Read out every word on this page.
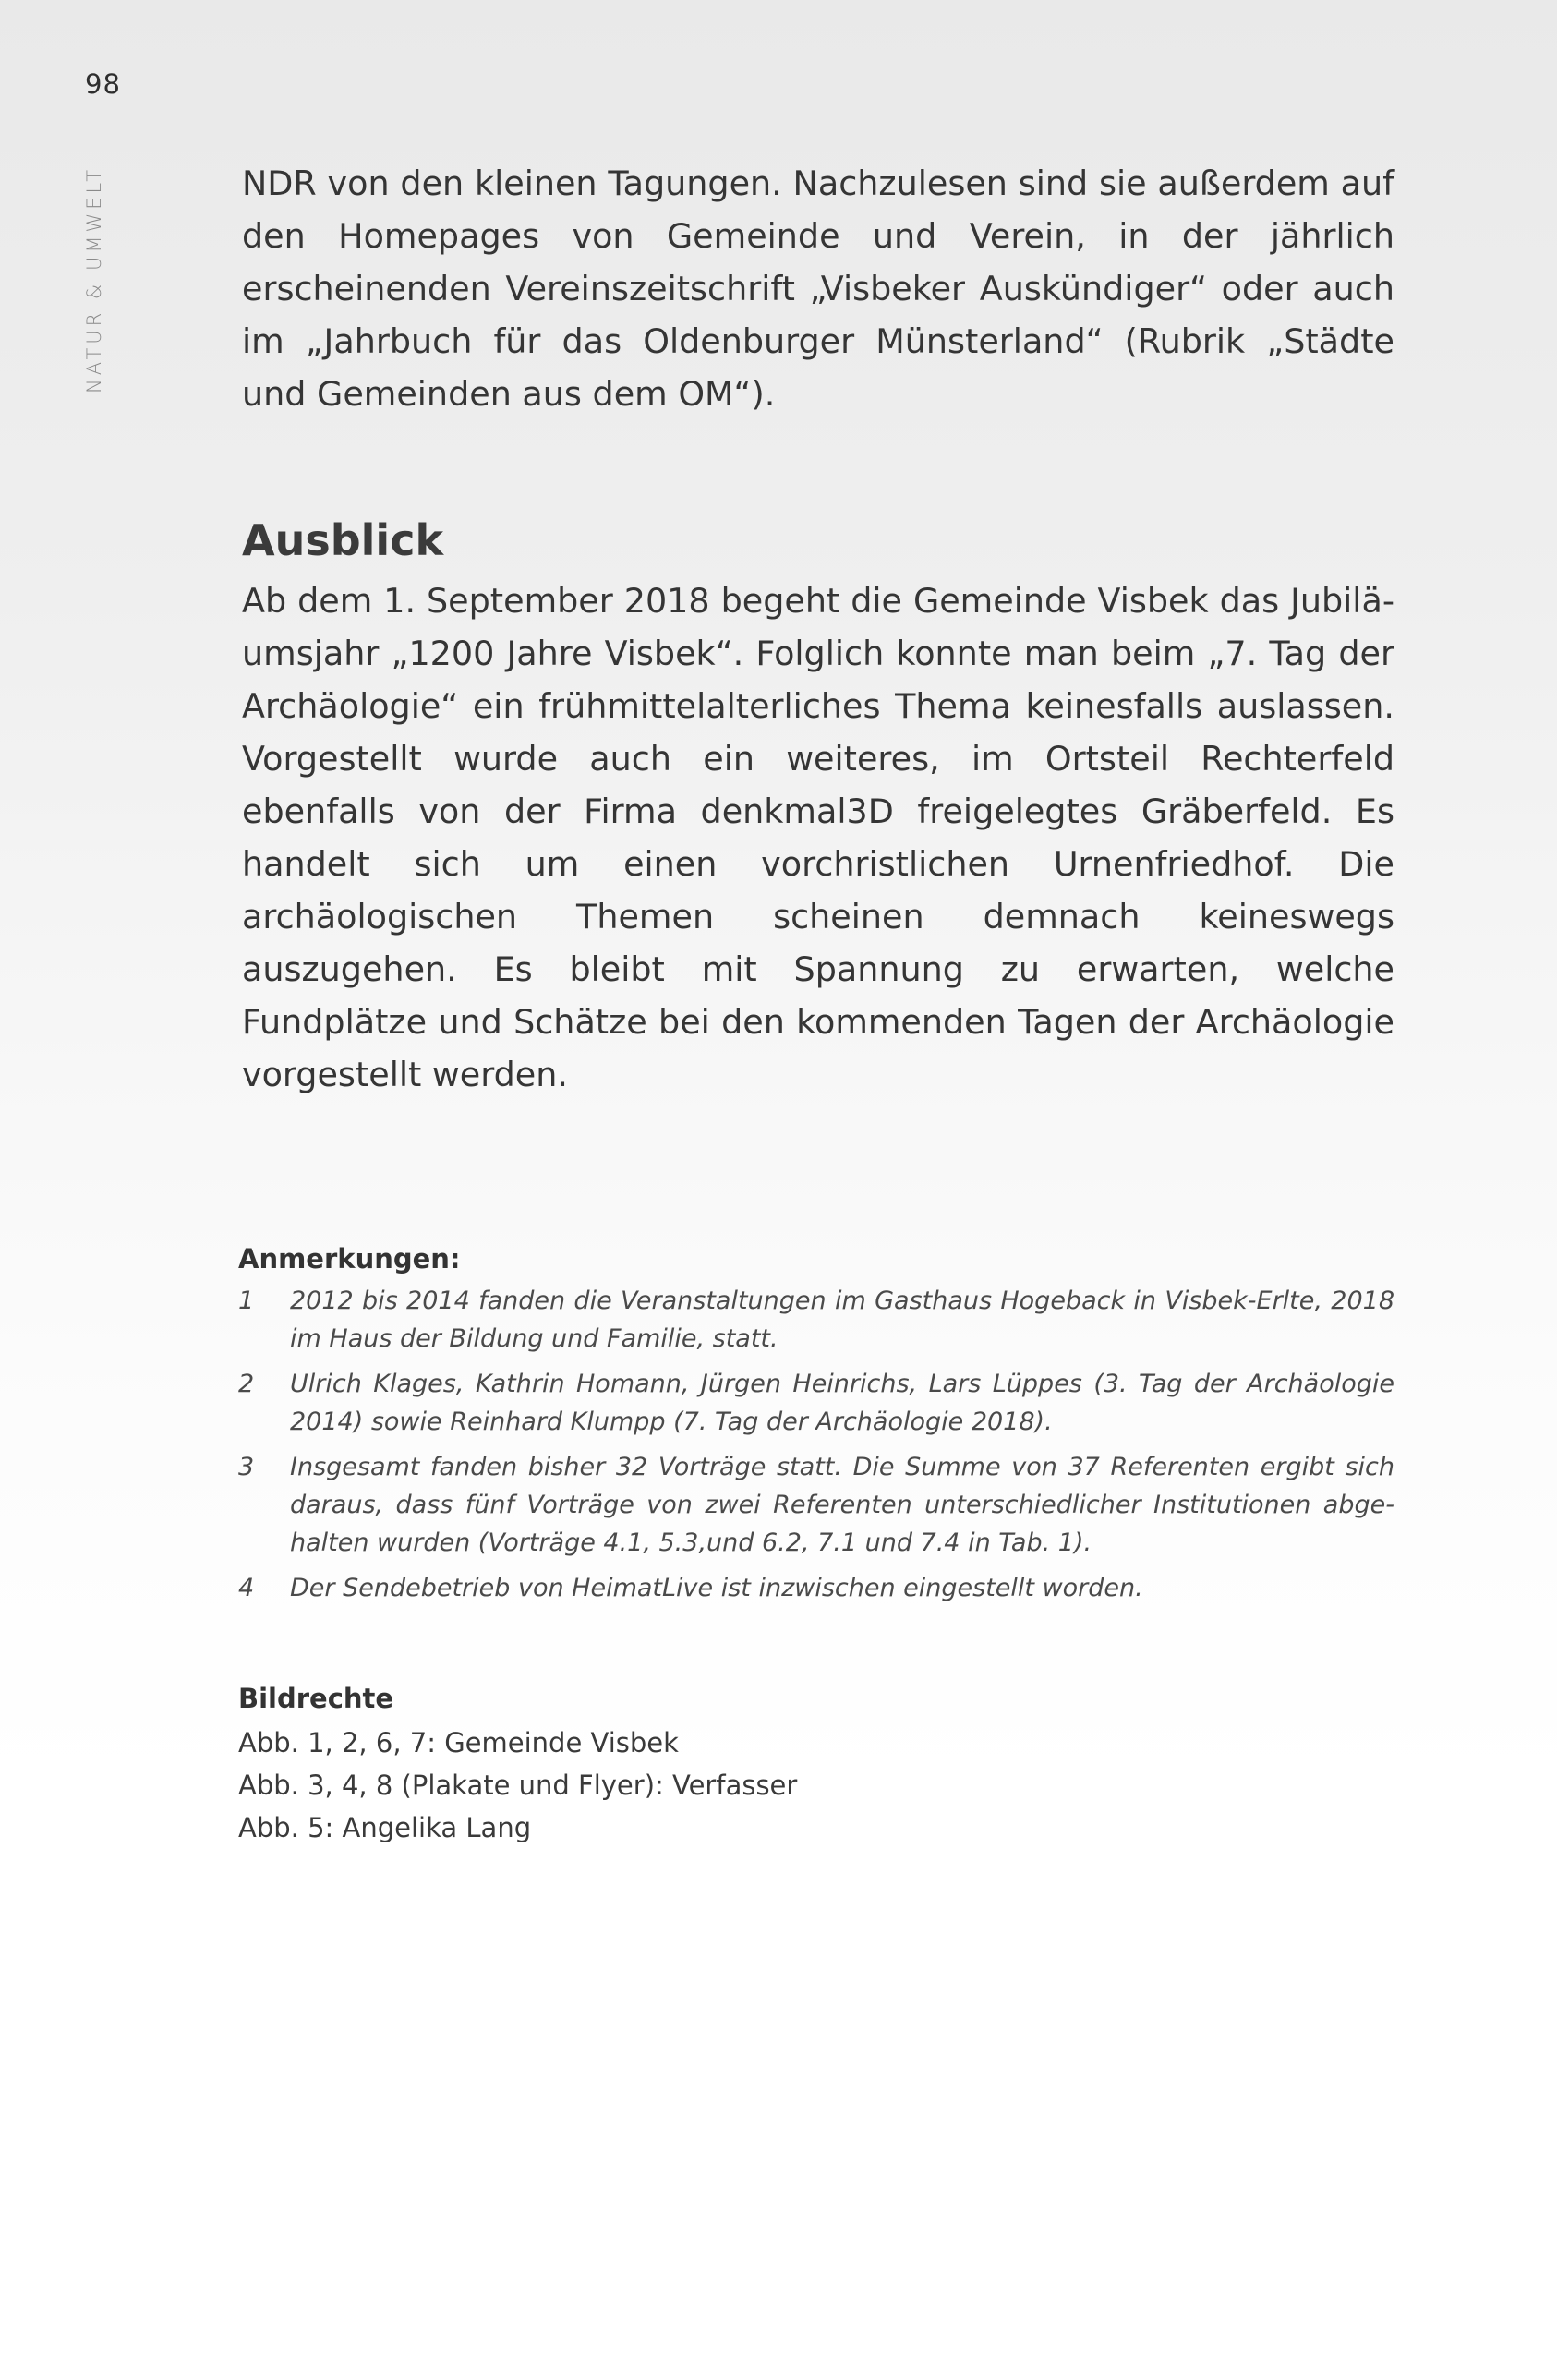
98
NATUR & UMWELT	NDR von den kleinen Tagungen. Nachzulesen sind sie außerdem auf den Homepages von Gemeinde und Verein, in der jährlich erscheinenden Vereinszeitschrift „Visbeker Auskündiger“ oder auch im „Jahrbuch für das Oldenburger Münsterland“ (Rubrik „Städte und Gemeinden aus dem OM“).

Ausblick

Ab dem 1. September 2018 begeht die Gemeinde Visbek das Jubiläumsjahr „1200 Jahre Visbek“. Folglich konnte man beim „7. Tag der Archäologie“ ein frühmittelalterliches Thema keinesfalls auslassen. Vorgestellt wurde auch ein weiteres, im Ortsteil Rechterfeld ebenfalls von der Firma denkmal3D freigelegtes Gräberfeld. Es handelt sich um einen vorchristlichen Urnenfriedhof. Die archäologischen Themen scheinen demnach keineswegs auszugehen. Es bleibt mit Spannung zu erwarten, welche Fundplätze und Schätze bei den kommenden Tagen der Archäologie vorgestellt werden.

Anmerkungen:
1	2012 bis 2014 fanden die Veranstaltungen im Gasthaus Hogeback in Visbek-Erlte, 2018 im Haus der Bildung und Familie, statt.
2	Ulrich Klages, Kathrin Homann, Jürgen Heinrichs, Lars Lüppes (3. Tag der Archäologie 2014) sowie Reinhard Klumpp (7. Tag der Archäologie 2018).
3	Insgesamt fanden bisher 32 Vorträge statt. Die Summe von 37 Referenten ergibt sich daraus, dass fünf Vorträge von zwei Referenten unterschiedlicher Institutionen abgehalten wurden (Vorträge 4.1, 5.3,und 6.2, 7.1 und 7.4 in Tab. 1).
4	Der Sendebetrieb von HeimatLive ist inzwischen eingestellt worden.
Bildrechte
Abb. 1, 2, 6, 7: Gemeinde Visbek
Abb. 3, 4, 8 (Plakate und Flyer): Verfasser
Abb. 5: Angelika Lang
